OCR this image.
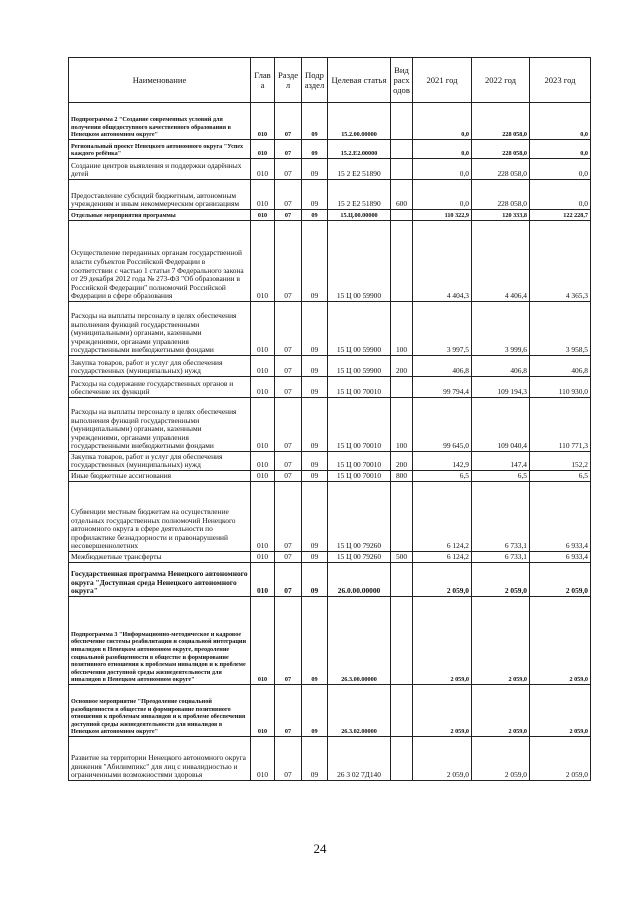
Наименование	Глав а	Разде л	Подр аздел	Целевая статья	Вид расх одов	2021 год	2022 год	2023 год
Подпрограмма 2 "Создание современных условий для получения общедоступного качественного образования в Ненецком автономном округе"	010	07	09	15.2.00.00000		0,0	228 058,0	0,0
Региональный проект Ненецкого автономного округа "Успех каждого ребёнка"	010	07	09	15.2.Е2.00000		0,0	228 058,0	0,0
Создание центров выявления и поддержки одарённых детей	010	07	09	15 2 Е2 51890		0,0	228 058,0	0,0
Предоставление субсидий бюджетным, автономным учреждениям и иным некоммерческим организациям	010	07	09	15 2 Е2 51890	600	0,0	228 058,0	0,0
Отдельные мероприятия программы	010	07	09	15.Ц.00.00000		110 322,9	120 333,8	122 228,7
Осуществление переданных органам государственной власти субъектов Российской Федерации в соответствии с частью 1 статьи 7 Федерального закона от 29 декабря 2012 года № 273-ФЗ "Об образовании в Российской Федерации" полномочий Российской Федерации в сфере образования	010	07	09	15 Ц 00 59900		4 404,3	4 406,4	4 365,3
Расходы на выплаты персоналу в целях обеспечения выполнения функций государственными (муниципальными) органами, казенными учреждениями, органами управления государственными внебюджетными фондами	010	07	09	15 Ц 00 59900	100	3 997,5	3 999,6	3 958,5
Закупка товаров, работ и услуг для обеспечения государственных (муниципальных) нужд	010	07	09	15 Ц 00 59900	200	406,8	406,8	406,8
Расходы на содержание государственных органов и обеспечение их функций	010	07	09	15 Ц 00 70010		99 794,4	109 194,3	110 930,0
Расходы на выплаты персоналу в целях обеспечения выполнения функций государственными (муниципальными) органами, казенными учреждениями, органами управления государственными внебюджетными фондами	010	07	09	15 Ц 00 70010	100	99 645,0	109 040,4	110 771,3
Закупка товаров, работ и услуг для обеспечения государственных (муниципальных) нужд	010	07	09	15 Ц 00 70010	200	142,9	147,4	152,2
Иные бюджетные ассигнования	010	07	09	15 Ц 00 70010	800	6,5	6,5	6,5
Субвенции местным бюджетам на осуществление отдельных государственных полномочий Ненецкого автономного округа в сфере деятельности по профилактике безнадзорности и правонарушений несовершеннолетних	010	07	09	15 Ц 00 79260		6 124,2	6 733,1	6 933,4
Межбюджетные трансферты	010	07	09	15 Ц 00 79260	500	6 124,2	6 733,1	6 933,4
Государственная программа Ненецкого автономного округа "Доступная среда Ненецкого автономного округа"	010	07	09	26.0.00.00000		2 059,0	2 059,0	2 059,0
Подпрограмма 3 "Информационно-методическое и кадровое обеспечение системы реабилитации и социальной интеграции инвалидов в Ненецком автономном округе, преодоление социальной разобщенности в обществе и формирование позитивного отношения к проблемам инвалидов и к проблеме обеспечения доступной среды жизнедеятельности для инвалидов в Ненецком автономном округе"	010	07	09	26.3.00.00000		2 059,0	2 059,0	2 059,0
Основное мероприятие "Преодоление социальной разобщенности в обществе и формирование позитивного отношения к проблемам инвалидов и к проблеме обеспечения доступной среды жизнедеятельности для инвалидов в Ненецком автономном округе"	010	07	09	26.3.02.00000		2 059,0	2 059,0	2 059,0
Развитие на территории Ненецкого автономного округа движения "Абилимпикс" для лиц с инвалидностью и ограниченными возможностями здоровья	010	07	09	26 3 02 7Д140		2 059,0	2 059,0	2 059,0
24
